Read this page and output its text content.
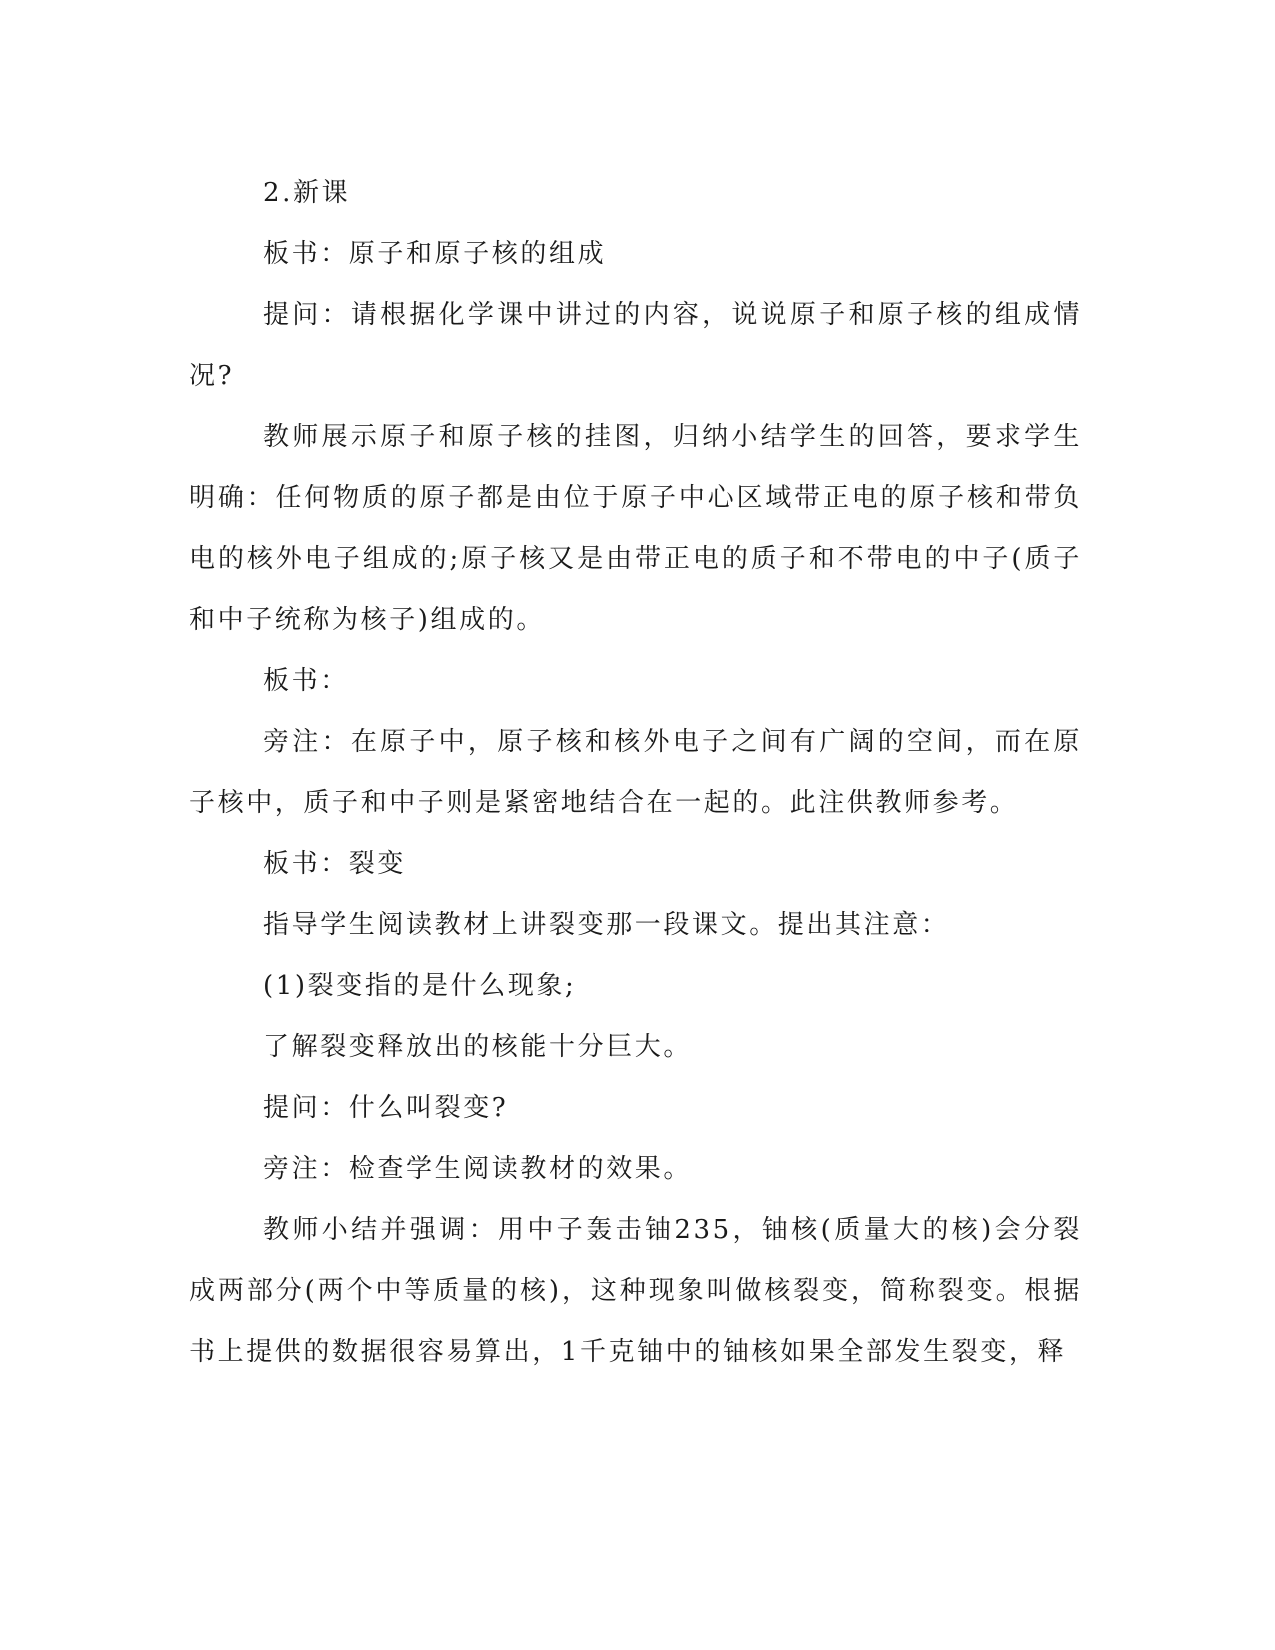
2.新课

板书：原子和原子核的组成

提问：请根据化学课中讲过的内容，说说原子和原子核的组成情况?

教师展示原子和原子核的挂图，归纳小结学生的回答，要求学生明确：任何物质的原子都是由位于原子中心区域带正电的原子核和带负电的核外电子组成的;原子核又是由带正电的质子和不带电的中子(质子和中子统称为核子)组成的。

板书：

旁注：在原子中，原子核和核外电子之间有广阔的空间，而在原子核中，质子和中子则是紧密地结合在一起的。此注供教师参考。

板书：裂变

指导学生阅读教材上讲裂变那一段课文。提出其注意：

(1)裂变指的是什么现象;

了解裂变释放出的核能十分巨大。

提问：什么叫裂变?

旁注：检查学生阅读教材的效果。

教师小结并强调：用中子轰击铀235，铀核(质量大的核)会分裂成两部分(两个中等质量的核)，这种现象叫做核裂变，简称裂变。根据书上提供的数据很容易算出，1千克铀中的铀核如果全部发生裂变，释
